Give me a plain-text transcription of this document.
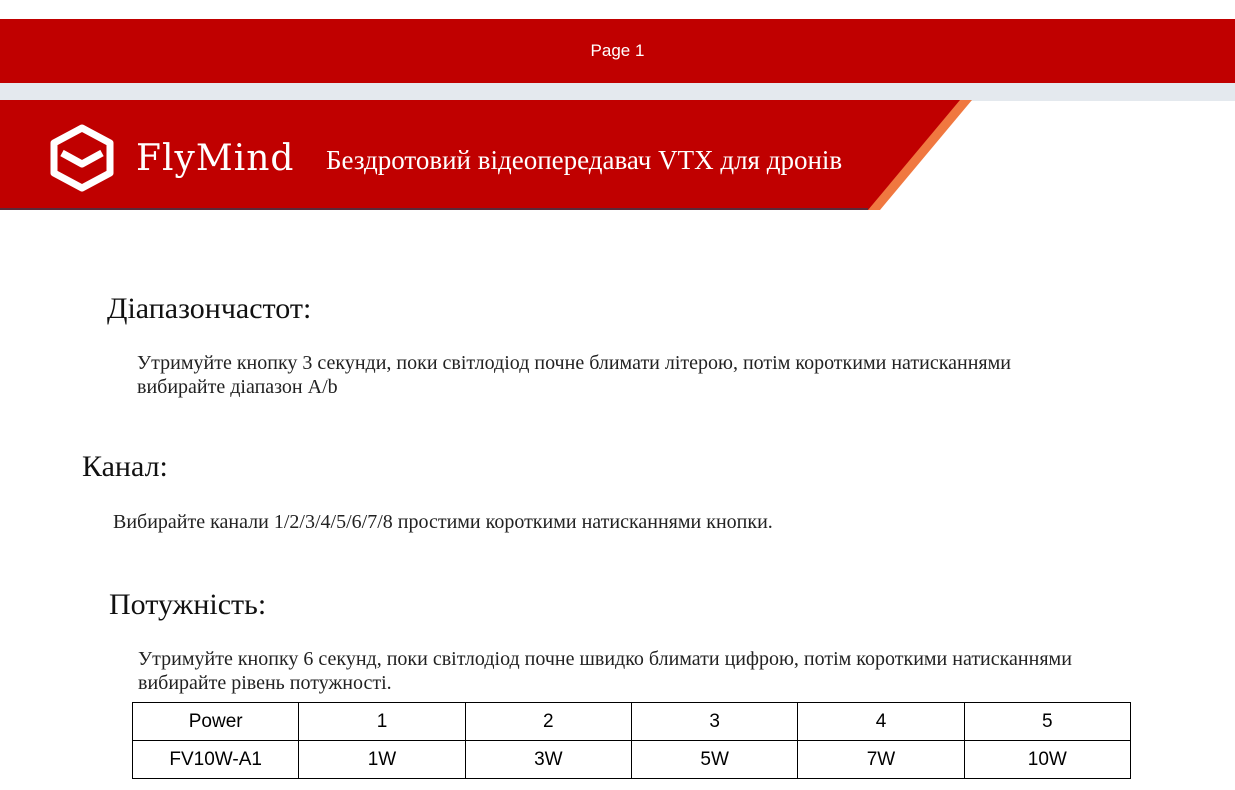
Page 1
FlyMind Бездротовий відеопередавач VTX для дронів
Діапазончастот:
Утримуйте кнопку 3 секунди, поки світлодіод почне блимати літерою, потім короткими натисканнями
вибирайте діапазон A/b
Канал:
Вибирайте канали 1/2/3/4/5/6/7/8 простими короткими натисканнями кнопки.
Потужність:
Утримуйте кнопку 6 секунд, поки світлодіод почне швидко блимати цифрою, потім короткими натисканнями
вибирайте рівень потужності.
Power	1	2	3	4	5
FV10W-A1	1W	3W	5W	7W	10W
